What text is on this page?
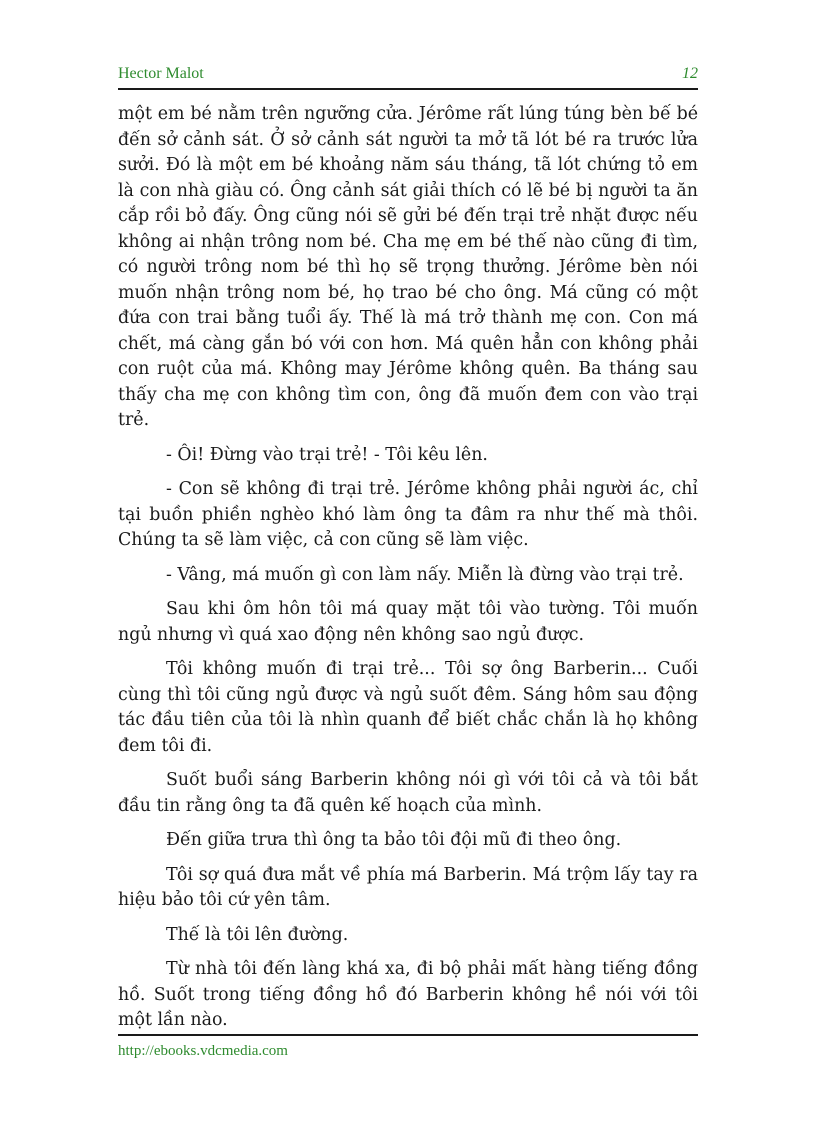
Hector Malot	12

một em bé nằm trên ngưỡng cửa. Jérôme rất lúng túng bèn bế bé đến sở cảnh sát. Ở sở cảnh sát người ta mở tã lót bé ra trước lửa sưởi. Đó là một em bé khoảng năm sáu tháng, tã lót chứng tỏ em là con nhà giàu có. Ông cảnh sát giải thích có lẽ bé bị người ta ăn cắp rồi bỏ đấy. Ông cũng nói sẽ gửi bé đến trại trẻ nhặt được nếu không ai nhận trông nom bé. Cha mẹ em bé thế nào cũng đi tìm, có người trông nom bé thì họ sẽ trọng thưởng. Jérôme bèn nói muốn nhận trông nom bé, họ trao bé cho ông. Má cũng có một đứa con trai bằng tuổi ấy. Thế là má trở thành mẹ con. Con má chết, má càng gắn bó với con hơn. Má quên hẳn con không phải con ruột của má. Không may Jérôme không quên. Ba tháng sau thấy cha mẹ con không tìm con, ông đã muốn đem con vào trại trẻ.

- Ôi! Đừng vào trại trẻ! - Tôi kêu lên.

- Con sẽ không đi trại trẻ. Jérôme không phải người ác, chỉ tại buồn phiền nghèo khó làm ông ta đâm ra như thế mà thôi. Chúng ta sẽ làm việc, cả con cũng sẽ làm việc.

- Vâng, má muốn gì con làm nấy. Miễn là đừng vào trại trẻ.

Sau khi ôm hôn tôi má quay mặt tôi vào tường. Tôi muốn ngủ nhưng vì quá xao động nên không sao ngủ được.

Tôi không muốn đi trại trẻ... Tôi sợ ông Barberin... Cuối cùng thì tôi cũng ngủ được và ngủ suốt đêm. Sáng hôm sau động tác đầu tiên của tôi là nhìn quanh để biết chắc chắn là họ không đem tôi đi.

Suốt buổi sáng Barberin không nói gì với tôi cả và tôi bắt đầu tin rằng ông ta đã quên kế hoạch của mình.

Đến giữa trưa thì ông ta bảo tôi đội mũ đi theo ông.

Tôi sợ quá đưa mắt về phía má Barberin. Má trộm lấy tay ra hiệu bảo tôi cứ yên tâm.

Thế là tôi lên đường.

Từ nhà tôi đến làng khá xa, đi bộ phải mất hàng tiếng đồng hồ. Suốt trong tiếng đồng hồ đó Barberin không hề nói với tôi một lần nào.

http://ebooks.vdcmedia.com
